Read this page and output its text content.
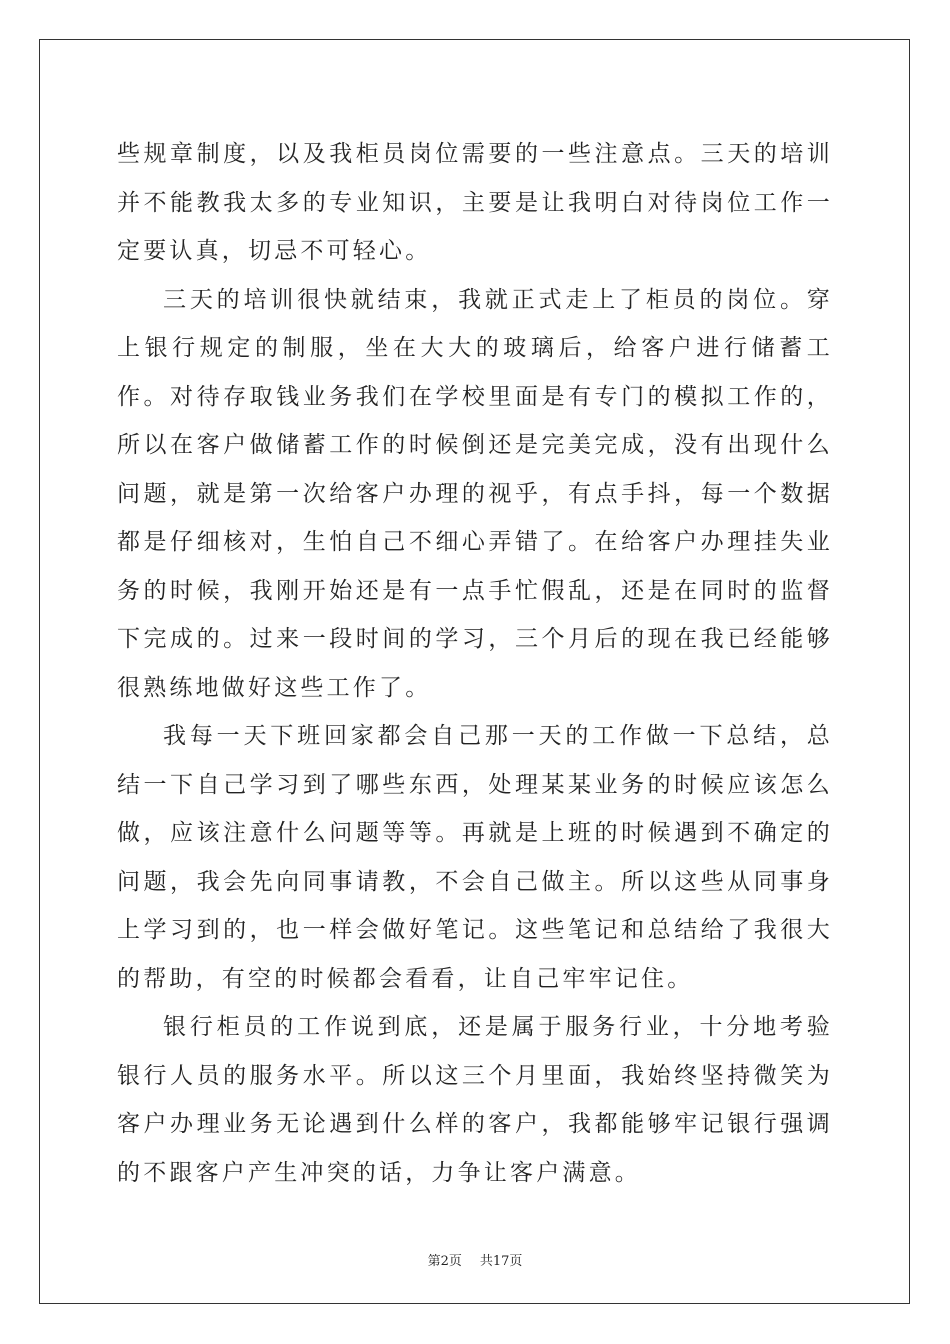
些规章制度，以及我柜员岗位需要的一些注意点。三天的培训并不能教我太多的专业知识，主要是让我明白对待岗位工作一定要认真，切忌不可轻心。

三天的培训很快就结束，我就正式走上了柜员的岗位。穿上银行规定的制服，坐在大大的玻璃后，给客户进行储蓄工作。对待存取钱业务我们在学校里面是有专门的模拟工作的，所以在客户做储蓄工作的时候倒还是完美完成，没有出现什么问题，就是第一次给客户办理的视乎，有点手抖，每一个数据都是仔细核对，生怕自己不细心弄错了。在给客户办理挂失业务的时候，我刚开始还是有一点手忙假乱，还是在同时的监督下完成的。过来一段时间的学习，三个月后的现在我已经能够很熟练地做好这些工作了。

我每一天下班回家都会自己那一天的工作做一下总结，总结一下自己学习到了哪些东西，处理某某业务的时候应该怎么做，应该注意什么问题等等。再就是上班的时候遇到不确定的问题，我会先向同事请教，不会自己做主。所以这些从同事身上学习到的，也一样会做好笔记。这些笔记和总结给了我很大的帮助，有空的时候都会看看，让自己牢牢记住。

银行柜员的工作说到底，还是属于服务行业，十分地考验银行人员的服务水平。所以这三个月里面，我始终坚持微笑为客户办理业务无论遇到什么样的客户，我都能够牢记银行强调的不跟客户产生冲突的话，力争让客户满意。

第2页 共17页
